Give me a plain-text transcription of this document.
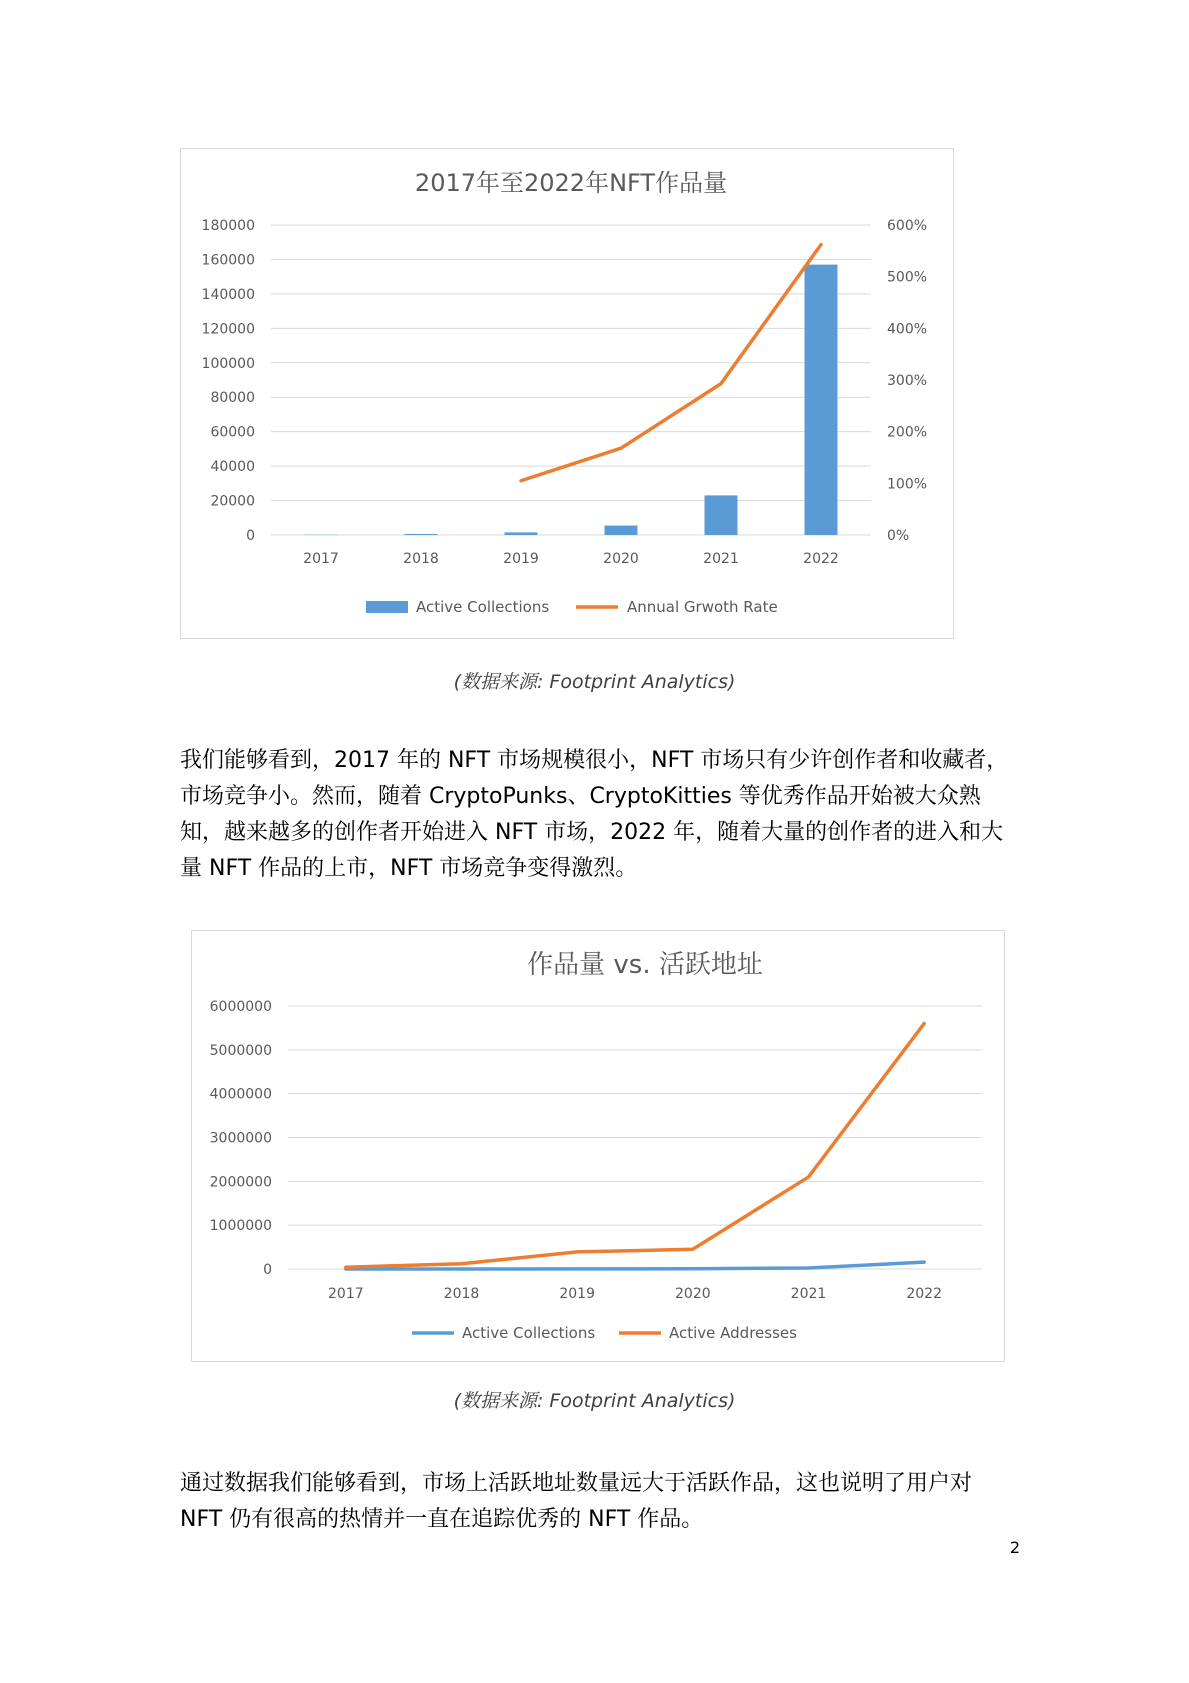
2017年至2022年NFT作品量
0
20000
40000
60000
80000
100000
120000
140000
160000
180000
0%
100%
200%
300%
400%
500%
600%
2017	2018	2019	2020	2021	2022
Active Collections	Annual Grwoth Rate
(数据来源: Footprint Analytics)

我们能够看到，2017 年的 NFT 市场规模很小，NFT 市场只有少许创作者和收藏者，市场竞争小。然而，随着 CryptoPunks、CryptoKitties 等优秀作品开始被大众熟知，越来越多的创作者开始进入 NFT 市场，2022 年，随着大量的创作者的进入和大量 NFT 作品的上市，NFT 市场竞争变得激烈。

作品量 vs. 活跃地址
0
1000000
2000000
3000000
4000000
5000000
6000000
2017	2018	2019	2020	2021	2022
Active Collections	Active Addresses
(数据来源: Footprint Analytics)

通过数据我们能够看到，市场上活跃地址数量远大于活跃作品，这也说明了用户对 NFT 仍有很高的热情并一直在追踪优秀的 NFT 作品。

2
